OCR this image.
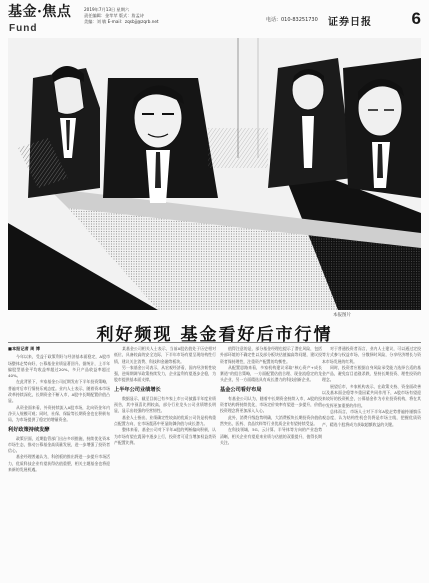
基金·焦点
Fund
2019年7月13日 星期六
责任编辑：金苹苹 版式：詹孟诗
美编：刘 敏 E-mail：zqsbjj@zqrb.net	电话：010-83251730 证券日报 6
本报图片
利好频现 基金看好后市行情

■本报记者 周 博

今年以来，受益于政策利好与经济基本面稳定，A股市场整体走势向好，公募基金业绩显著回升。据统计，上半年偏股型基金平均收益率超过20%，多只产品收益率超过40%。

在此背景下，多家基金公司近期发布下半年投资策略，普遍对后市行情持乐观态度。业内人士表示，随着资本市场改革持续深化，长期资金不断入市，A股中长期配置价值凸显。

从资金面来看，外资持续流入A股市场，北向资金年内净买入规模可观；同时，社保、保险等长期资金也在积极布局，为市场提供了稳定的增量资金。

利好政策持续发酵

政策层面，近期监管部门出台多项措施，持续优化资本市场生态，推动公募基金高质量发展，进一步增强了投资者信心。

基金经理普遍认为，科创板的推出将进一步提升市场活力，优质科技企业有望获得估值重塑，相关主题基金也将迎来新的发展机遇。

某基金公司相关人士表示，当前A股估值处于历史相对低位，具备较高的安全边际，下半年市场有望呈现结构性行情，建议关注消费、科技和金融等板块。

另一家基金公司表示，从宏观经济看，国内经济韧性较强，逆周期调节政策持续发力，企业盈利有望逐步企稳，为股市提供基本面支撑。

上半年公司业绩增长

数据显示，截至目前已有多家上市公司披露半年度业绩预告，其中预喜比例较高，部分行业龙头公司业绩增长明显，显示出较强的经营韧性。

基金人士指出，业绩确定性较高的优质公司仍是机构重点配置方向，在市场震荡中更显防御价值与成长潜力。

整体来看，基金公司对下半年A股的判断偏向积极，认为市场有望在震荡中逐步上行，投资者可适当增加权益类资产配置比例。

值得注意的是，部分基金经理也提示了潜在风险，包括外部环境的不确定性以及部分板块估值偏高等问题，建议投资者保持理性，注重资产配置的均衡性。

从配置思路来看，多家机构建议采取“核心资产+成长赛道”的组合策略，一方面配置估值合理、现金流稳定的龙头企业，另一方面精选具有成长潜力的科技创新企业。

基金公司看好布局

有基金公司认为，随着中长期资金持续入市，A股的投资者结构将持续优化，市场定价效率有望进一步提升，价值投资理念将更加深入人心。

此外，消费升级趋势明确，大消费板块长期投资价值依然突出，医药、食品饮料等行业优质企业有望持续受益。

在科技领域，5G、云计算、半导体等方向的产业趋势清晰，相关企业有望迎来业绩与估值的双重提升，值得长期关注。

对于普通投资者而言，业内人士建议，可以通过定投等方式参与权益市场，分散择时风险，分享经济增长与资本市场发展的红利。

同时，投资者应根据自身风险承受能力选择合适的基金产品，避免盲目追涨杀跌，坚持长期投资、理性投资的理念。

展望后市，多家机构表示，在政策支持、资金面改善以及基本面企稳等多重因素共同作用下，A股市场有望迎来较好的投资机会，公募基金作为专业投资机构，将在其中发挥更加重要的作用。

总体而言，市场人士对下半年A股走势普遍持谨慎乐观态度，认为结构性机会仍将是市场主线，把握优质资产、精选个股将成为获取超额收益的关键。
